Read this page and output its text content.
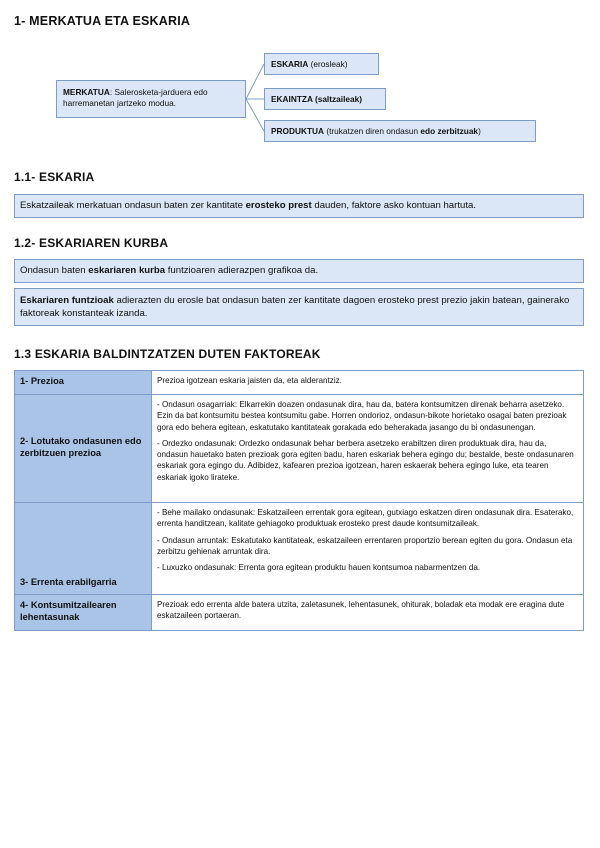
1- MERKATUA ETA ESKARIA
MERKATUA: Salerosketa-jarduera edo harremanetan jartzeko modua.
ESKARIA (erosleak)
EKAINTZA (saltzaileak)
PRODUKTUA (trukatzen diren ondasun edo zerbitzuak)
1.1- ESKARIA
Eskatzaileak merkatuan ondasun baten zer kantitate erosteko prest dauden, faktore asko kontuan hartuta.
1.2- ESKARIAREN KURBA
Ondasun baten eskariaren kurba funtzioaren adierazpen grafikoa da.
Eskariaren funtzioak adierazten du erosle bat ondasun baten zer kantitate dagoen erosteko prest prezio jakin batean, gainerako faktoreak konstanteak izanda.
1.3 ESKARIA BALDINTZATZEN DUTEN FAKTOREAK
1- Prezioa	Prezioa igotzean eskaria jaisten da, eta alderantziz.

2- Lotutako ondasunen edo zerbitzuen prezioa	- Ondasun osagarriak: Elkarrekin doazen ondasunak dira, hau da, batera kontsumitzen direnak beharra asetzeko. Ezin da bat kontsumitu bestea kontsumitu gabe. Horren ondorioz, ondasun-bikote horietako osagai baten prezioak gora edo behera egitean, eskatutako kantitateak gorakada edo beherakada jasango du bi ondasunengan.
- Ordezko ondasunak: Ordezko ondasunak behar berbera asetzeko erabiltzen diren produktuak dira, hau da, ondasun hauetako baten prezioak gora egiten badu, haren eskariak behera egingo du; bestalde, beste ondasunaren eskariak gora egingo du. Adibidez, kafearen prezioa igotzean, haren eskaerak behera egingo luke, eta tearen eskariak igoko lirateke.

3- Errenta erabilgarria	- Behe mailako ondasunak: Eskatzaileen errentak gora egitean, gutxiago eskatzen diren ondasunak dira. Esaterako, errenta handitzean, kalitate gehiagoko produktuak erosteko prest daude kontsumitzaileak.
- Ondasun arruntak: Eskatutako kantitateak, eskatzaileen errentaren proportzio berean egiten du gora. Ondasun eta zerbitzu gehienak arruntak dira.
- Luxuzko ondasunak: Errenta gora egitean produktu hauen kontsumoa nabarmentzen da.

4- Kontsumitzailearen lehentasunak	Prezioak edo errenta alde batera utzita, zaletasunek, lehentasunek, ohiturak, boladak eta modak ere eragina dute eskatzaileen portaeran.
